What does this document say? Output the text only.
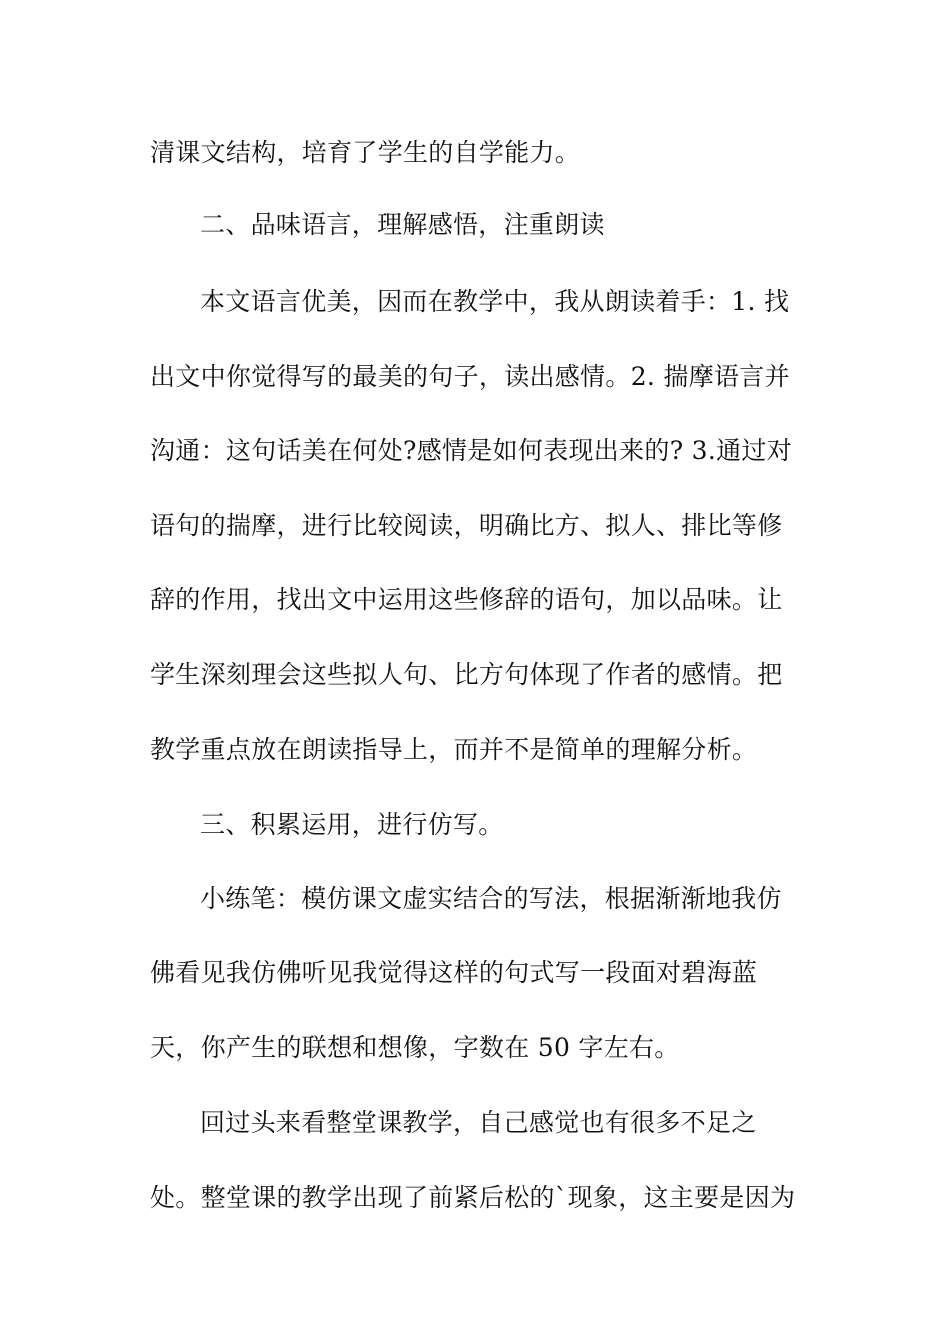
清课文结构，培育了学生的自学能力。
二、品味语言，理解感悟，注重朗读
本文语言优美，因而在教学中，我从朗读着手：1. 找
出文中你觉得写的最美的句子，读出感情。2. 揣摩语言并
沟通：这句话美在何处?感情是如何表现出来的? 3.通过对
语句的揣摩，进行比较阅读，明确比方、拟人、排比等修
辞的作用，找出文中运用这些修辞的语句，加以品味。让
学生深刻理会这些拟人句、比方句体现了作者的感情。把
教学重点放在朗读指导上，而并不是简单的理解分析。
三、积累运用，进行仿写。
小练笔：模仿课文虚实结合的写法，根据渐渐地我仿
佛看见我仿佛听见我觉得这样的句式写一段面对碧海蓝
天，你产生的联想和想像，字数在 50 字左右。
回过头来看整堂课教学，自己感觉也有很多不足之
处。整堂课的教学出现了前紧后松的`现象，这主要是因为
